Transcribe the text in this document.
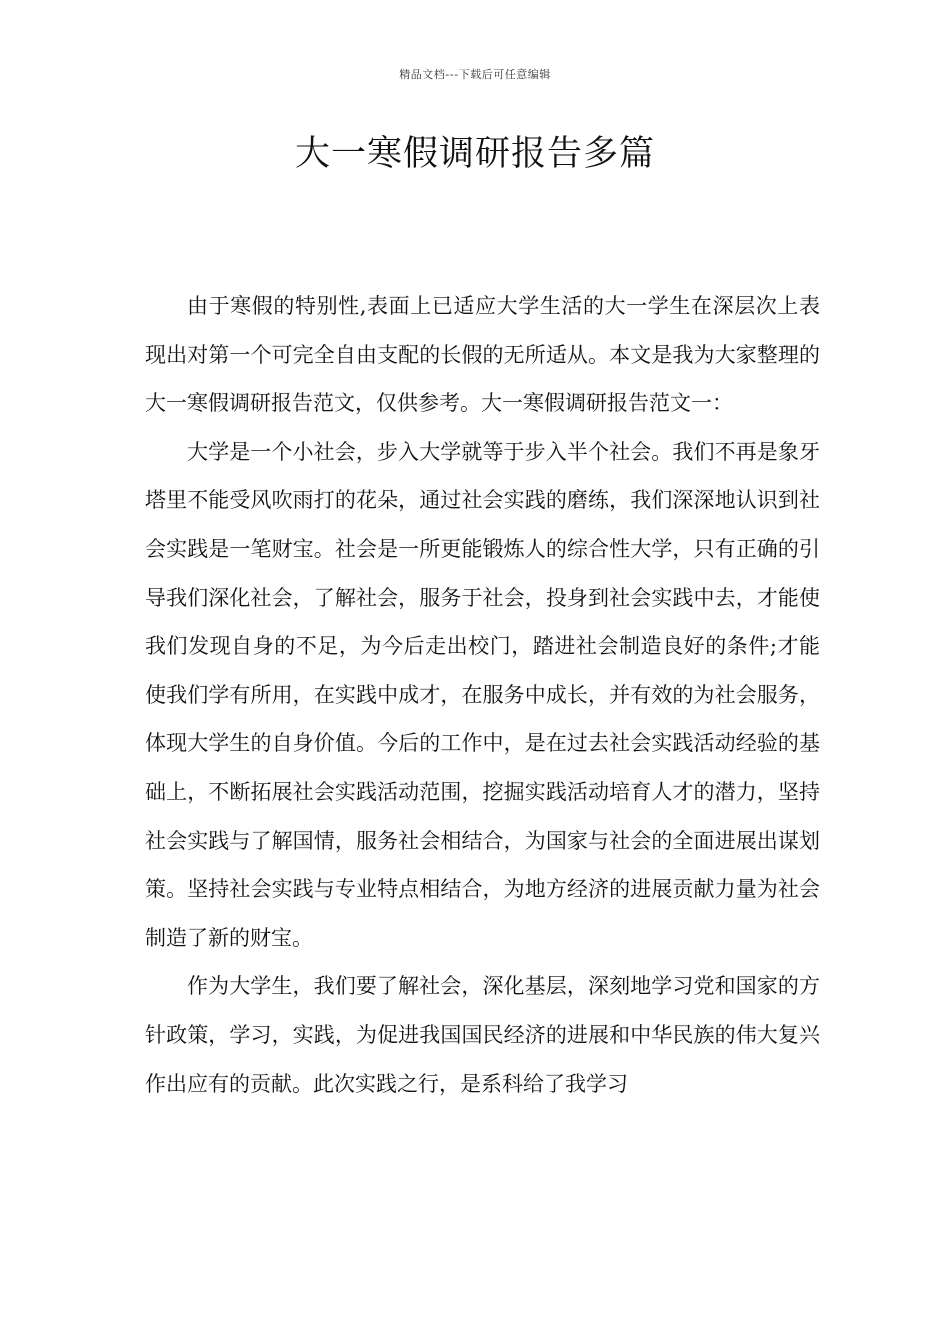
精品文档---下载后可任意编辑
大一寒假调研报告多篇

由于寒假的特别性,表面上已适应大学生活的大一学生在深层次上表现出对第一个可完全自由支配的长假的无所适从。本文是我为大家整理的大一寒假调研报告范文，仅供参考。大一寒假调研报告范文一：

大学是一个小社会，步入大学就等于步入半个社会。我们不再是象牙塔里不能受风吹雨打的花朵，通过社会实践的磨练，我们深深地认识到社会实践是一笔财宝。社会是一所更能锻炼人的综合性大学，只有正确的引导我们深化社会，了解社会，服务于社会，投身到社会实践中去，才能使我们发现自身的不足，为今后走出校门，踏进社会制造良好的条件;才能使我们学有所用，在实践中成才，在服务中成长，并有效的为社会服务，体现大学生的自身价值。今后的工作中，是在过去社会实践活动经验的基础上，不断拓展社会实践活动范围，挖掘实践活动培育人才的潜力，坚持社会实践与了解国情，服务社会相结合，为国家与社会的全面进展出谋划策。坚持社会实践与专业特点相结合，为地方经济的进展贡献力量为社会制造了新的财宝。

作为大学生，我们要了解社会，深化基层，深刻地学习党和国家的方针政策，学习，实践，为促进我国国民经济的进展和中华民族的伟大复兴作出应有的贡献。此次实践之行，是系科给了我学习
